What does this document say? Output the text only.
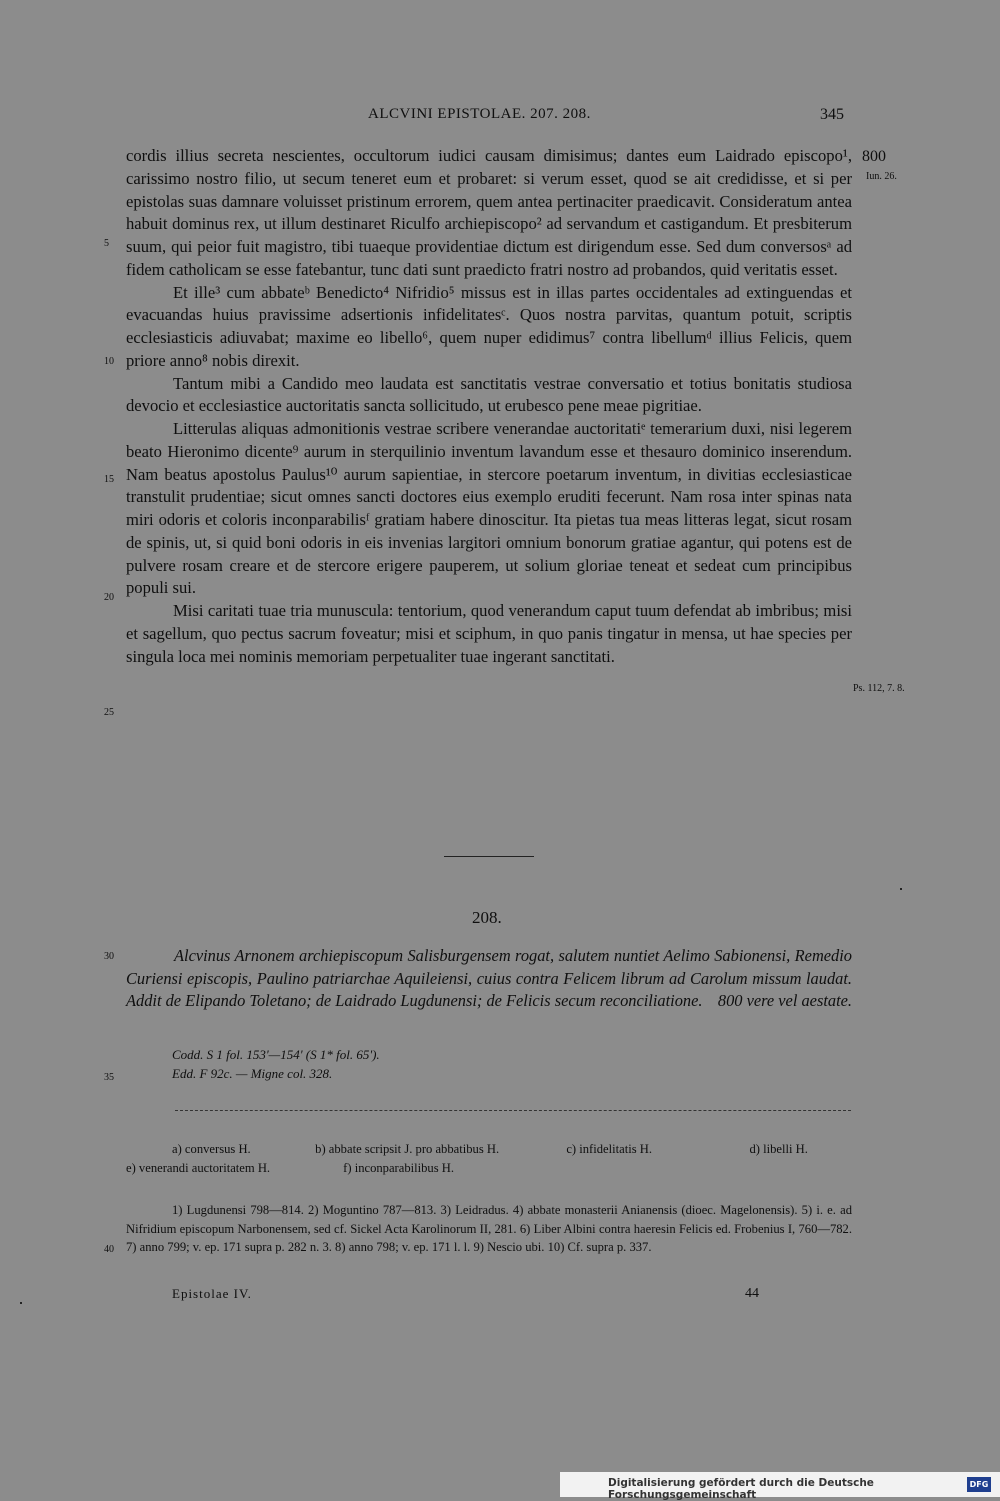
ALCVINI EPISTOLAE. 207. 208.	345
800
Iun. 26.
Ps. 112, 7. 8.
5
10
15
20
25
30
35
40

cordis illius secreta nescientes, occultorum iudici causam dimisimus; dantes eum Laidrado episcopo¹, carissimo nostro filio, ut secum teneret eum et probaret: si verum esset, quod se ait credidisse, et si per epistolas suas damnare voluisset pristinum errorem, quem antea pertinaciter praedicavit. Consideratum antea habuit dominus rex, ut illum destinaret Riculfo archiepiscopo² ad servandum et castigandum. Et presbiterum suum, qui peior fuit magistro, tibi tuaeque providentiae dictum est dirigendum esse. Sed dum conversosᵃ ad fidem catholicam se esse fatebantur, tunc dati sunt praedicto fratri nostro ad probandos, quid veritatis esset.

Et ille³ cum abbateᵇ Benedicto⁴ Nifridio⁵ missus est in illas partes occidentales ad extinguendas et evacuandas huius pravissime adsertionis infidelitatesᶜ. Quos nostra parvitas, quantum potuit, scriptis ecclesiasticis adiuvabat; maxime eo libello⁶, quem nuper edidimus⁷ contra libellumᵈ illius Felicis, quem priore anno⁸ nobis direxit.

Tantum mibi a Candido meo laudata est sanctitatis vestrae conversatio et totius bonitatis studiosa devocio et ecclesiastice auctoritatis sancta sollicitudo, ut erubesco pene meae pigritiae.

Litterulas aliquas admonitionis vestrae scribere venerandae auctoritatiᵉ temerarium duxi, nisi legerem beato Hieronimo dicente⁹ aurum in sterquilinio inventum lavandum esse et thesauro dominico inserendum. Nam beatus apostolus Paulus¹⁰ aurum sapientiae, in stercore poetarum inventum, in divitias ecclesiasticae transtulit prudentiae; sicut omnes sancti doctores eius exemplo eruditi fecerunt. Nam rosa inter spinas nata miri odoris et coloris inconparabilisᶠ gratiam habere dinoscitur. Ita pietas tua meas litteras legat, sicut rosam de spinis, ut, si quid boni odoris in eis invenias largitori omnium bonorum gratiae agantur, qui potens est de pulvere rosam creare et de stercore erigere pauperem, ut solium gloriae teneat et sedeat cum principibus populi sui.

Misi caritati tuae tria munuscula: tentorium, quod venerandum caput tuum defendat ab imbribus; misi et sagellum, quo pectus sacrum foveatur; misi et sciphum, in quo panis tingatur in mensa, ut hae species per singula loca mei nominis memoriam perpetualiter tuae ingerant sanctitati.

208.

Alcvinus Arnonem archiepiscopum Salisburgensem rogat, salutem nuntiet Aelimo Sabionensi, Remedio Curiensi episcopis, Paulino patriarchae Aquileiensi, cuius contra Felicem librum ad Carolum missum laudat. Addit de Elipando Toletano; de Laidrado Lugdunensi; de Felicis secum reconciliatione. 800 vere vel aestate.

Codd. S 1 fol. 153'—154' (S 1* fol. 65').
Edd. F 92c. — Migne col. 328.
a) conversus H.	b) abbate scripsit J. pro abbatibus H.	c) infidelitatis H.	d) libelli H.
e) venerandi auctoritatem H.	f) inconparabilibus H.

1) Lugdunensi 798—814. 2) Moguntino 787—813. 3) Leidradus. 4) abbate monasterii Anianensis (dioec. Magelonensis). 5) i. e. ad Nifridium episcopum Narbonensem, sed cf. Sickel Acta Karolinorum II, 281. 6) Liber Albini contra haeresin Felicis ed. Frobenius I, 760—782. 7) anno 799; v. ep. 171 supra p. 282 n. 3. 8) anno 798; v. ep. 171 l. l. 9) Nescio ubi. 10) Cf. supra p. 337.

Epistolae IV.	44
Digitalisierung gefördert durch die Deutsche Forschungsgemeinschaft
DFG
